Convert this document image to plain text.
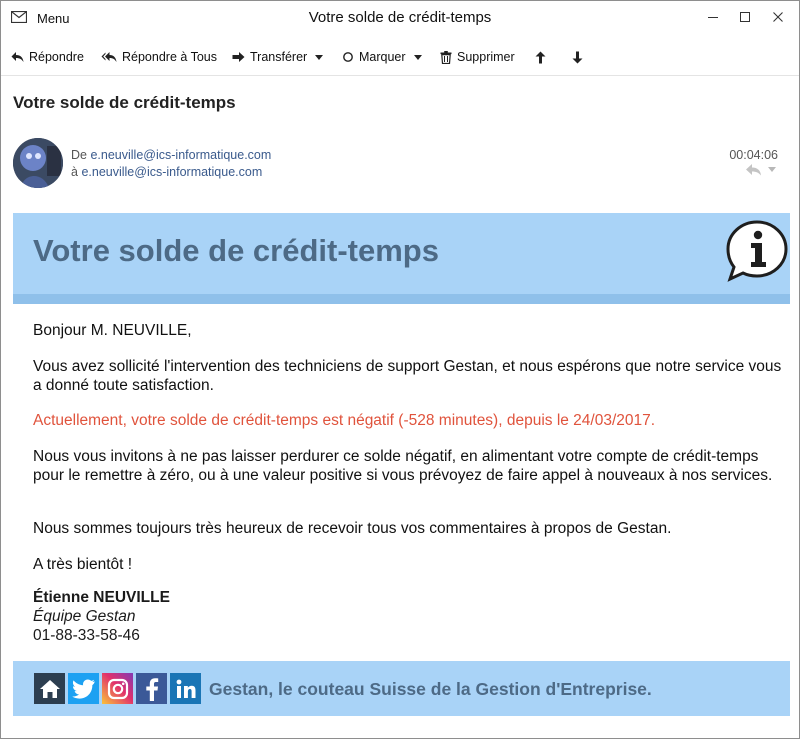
Menu	Votre solde de crédit-temps
Répondre	Répondre à Tous	Transférer	Marquer	Supprimer
Votre solde de crédit-temps
De e.neuville@ics-informatique.com
à e.neuville@ics-informatique.com
00:04:06
Votre solde de crédit-temps
Bonjour M. NEUVILLE,
Vous avez sollicité l'intervention des techniciens de support Gestan, et nous espérons que notre service vous a donné toute satisfaction.
Actuellement, votre solde de crédit-temps est négatif (-528 minutes), depuis le 24/03/2017.
Nous vous invitons à ne pas laisser perdurer ce solde négatif, en alimentant votre compte de crédit-temps pour le remettre à zéro, ou à une valeur positive si vous prévoyez de faire appel à nouveaux à nos services.
Nous sommes toujours très heureux de recevoir tous vos commentaires à propos de Gestan.
A très bientôt !
Étienne NEUVILLE
Équipe Gestan
01-88-33-58-46
Gestan, le couteau Suisse de la Gestion d'Entreprise.
